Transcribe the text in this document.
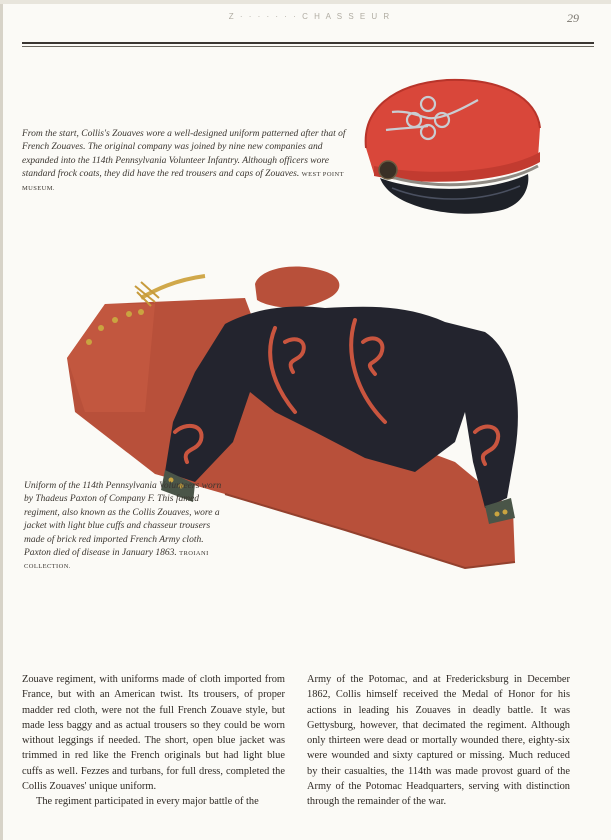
Z · · · · · · · C H A S S E U R	29
From the start, Collis's Zouaves wore a well-designed uniform patterned after that of French Zouaves. The original company was joined by nine new companies and expanded into the 114th Pennsylvania Volunteer Infantry. Although officers wore standard frock coats, they did have the red trousers and caps of Zouaves. WEST POINT MUSEUM.
Uniform of the 114th Pennsylvania Volunteers worn by Thadeus Paxton of Company F. This famed regiment, also known as the Collis Zouaves, wore a jacket with light blue cuffs and chasseur trousers made of brick red imported French Army cloth. Paxton died of disease in January 1863. TROIANI COLLECTION.

Zouave regiment, with uniforms made of cloth imported from France, but with an American twist. Its trousers, of proper madder red cloth, were not the full French Zouave style, but made less baggy and as actual trousers so they could be worn without leggings if needed. The short, open blue jacket was trimmed in red like the French originals but had light blue cuffs as well. Fezzes and turbans, for full dress, completed the Collis Zouaves' unique uniform.

The regiment participated in every major battle of the

Army of the Potomac, and at Fredericksburg in December 1862, Collis himself received the Medal of Honor for his actions in leading his Zouaves in deadly battle. It was Gettysburg, however, that decimated the regiment. Although only thirteen were dead or mortally wounded there, eighty-six were wounded and sixty captured or missing. Much reduced by their casualties, the 114th was made provost guard of the Army of the Potomac Headquarters, serving with distinction through the remainder of the war.
